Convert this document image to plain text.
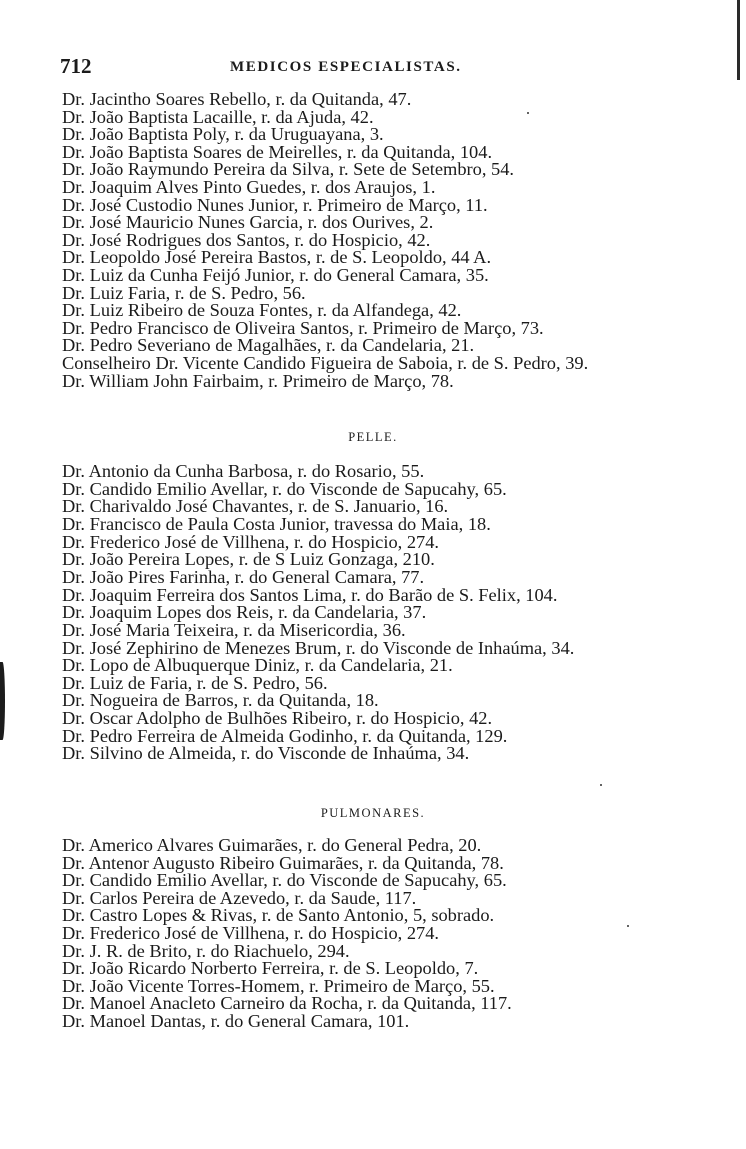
712	MEDICOS ESPECIALISTAS.
Dr. Jacintho Soares Rebello, r. da Quitanda, 47.
Dr. João Baptista Lacaille, r. da Ajuda, 42.
Dr. João Baptista Poly, r. da Uruguayana, 3.
Dr. João Baptista Soares de Meirelles, r. da Quitanda, 104.
Dr. João Raymundo Pereira da Silva, r. Sete de Setembro, 54.
Dr. Joaquim Alves Pinto Guedes, r. dos Araujos, 1.
Dr. José Custodio Nunes Junior, r. Primeiro de Março, 11.
Dr. José Mauricio Nunes Garcia, r. dos Ourives, 2.
Dr. José Rodrigues dos Santos, r. do Hospicio, 42.
Dr. Leopoldo José Pereira Bastos, r. de S. Leopoldo, 44 A.
Dr. Luiz da Cunha Feijó Junior, r. do General Camara, 35.
Dr. Luiz Faria, r. de S. Pedro, 56.
Dr. Luiz Ribeiro de Souza Fontes, r. da Alfandega, 42.
Dr. Pedro Francisco de Oliveira Santos, r. Primeiro de Março, 73.
Dr. Pedro Severiano de Magalhães, r. da Candelaria, 21.
Conselheiro Dr. Vicente Candido Figueira de Saboia, r. de S. Pedro, 39.
Dr. William John Fairbaim, r. Primeiro de Março, 78.
PELLE.
Dr. Antonio da Cunha Barbosa, r. do Rosario, 55.
Dr. Candido Emilio Avellar, r. do Visconde de Sapucahy, 65.
Dr. Charivaldo José Chavantes, r. de S. Januario, 16.
Dr. Francisco de Paula Costa Junior, travessa do Maia, 18.
Dr. Frederico José de Villhena, r. do Hospicio, 274.
Dr. João Pereira Lopes, r. de S Luiz Gonzaga, 210.
Dr. João Pires Farinha, r. do General Camara, 77.
Dr. Joaquim Ferreira dos Santos Lima, r. do Barão de S. Felix, 104.
Dr. Joaquim Lopes dos Reis, r. da Candelaria, 37.
Dr. José Maria Teixeira, r. da Misericordia, 36.
Dr. José Zephirino de Menezes Brum, r. do Visconde de Inhaúma, 34.
Dr. Lopo de Albuquerque Diniz, r. da Candelaria, 21.
Dr. Luiz de Faria, r. de S. Pedro, 56.
Dr. Nogueira de Barros, r. da Quitanda, 18.
Dr. Oscar Adolpho de Bulhões Ribeiro, r. do Hospicio, 42.
Dr. Pedro Ferreira de Almeida Godinho, r. da Quitanda, 129.
Dr. Silvino de Almeida, r. do Visconde de Inhaúma, 34.
PULMONARES.
Dr. Americo Alvares Guimarães, r. do General Pedra, 20.
Dr. Antenor Augusto Ribeiro Guimarães, r. da Quitanda, 78.
Dr. Candido Emilio Avellar, r. do Visconde de Sapucahy, 65.
Dr. Carlos Pereira de Azevedo, r. da Saude, 117.
Dr. Castro Lopes & Rivas, r. de Santo Antonio, 5, sobrado.
Dr. Frederico José de Villhena, r. do Hospicio, 274.
Dr. J. R. de Brito, r. do Riachuelo, 294.
Dr. João Ricardo Norberto Ferreira, r. de S. Leopoldo, 7.
Dr. João Vicente Torres-Homem, r. Primeiro de Março, 55.
Dr. Manoel Anacleto Carneiro da Rocha, r. da Quitanda, 117.
Dr. Manoel Dantas, r. do General Camara, 101.
